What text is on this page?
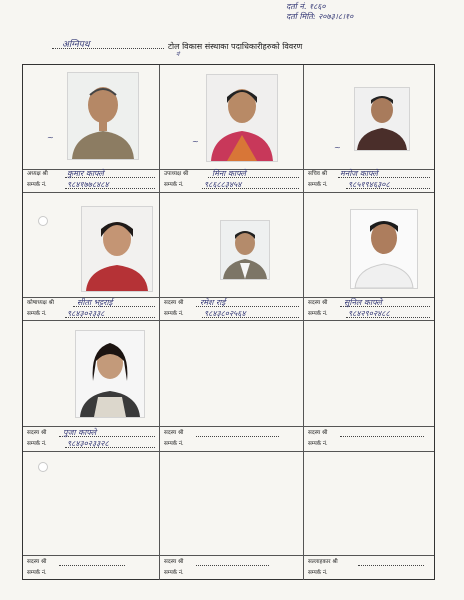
दर्ता नं. १८६०
दर्ता मिति: २०७३।८।१०
अग्निपथ	टोल विकास संस्थाका पदाधिकारीहरुको विवरण
नं
~
अध्यक्ष श्री कुमार काफ्ले
सम्पर्क नं.	९८४१७७८४८४
~
उपाध्यक्ष श्री	मिना काफ्ले
सम्पर्क नं.	९८६८८३४५४
~
सचिव श्री मनोज काफ्ले
सम्पर्क नं.	९८५१९४६३०८
कोषाध्यक्ष श्री	सीता भट्टराई
सम्पर्क नं.	९८४३०२३३८
सदस्य श्री रमेश राई
सम्पर्क नं.	९८४३८०२५६४
सदस्य श्री सुनिल काफ्ले
सम्पर्क नं.	९८४२९०२४८८
सदस्य श्री पुजा काफ्ले
सम्पर्क नं.	९८४३०२३३२८
सदस्य श्री
सम्पर्क नं.
सदस्य श्री
सम्पर्क नं.
सदस्य श्री
सम्पर्क नं.
सदस्य श्री
सम्पर्क नं.
सल्लाहकार श्री
सम्पर्क नं.
